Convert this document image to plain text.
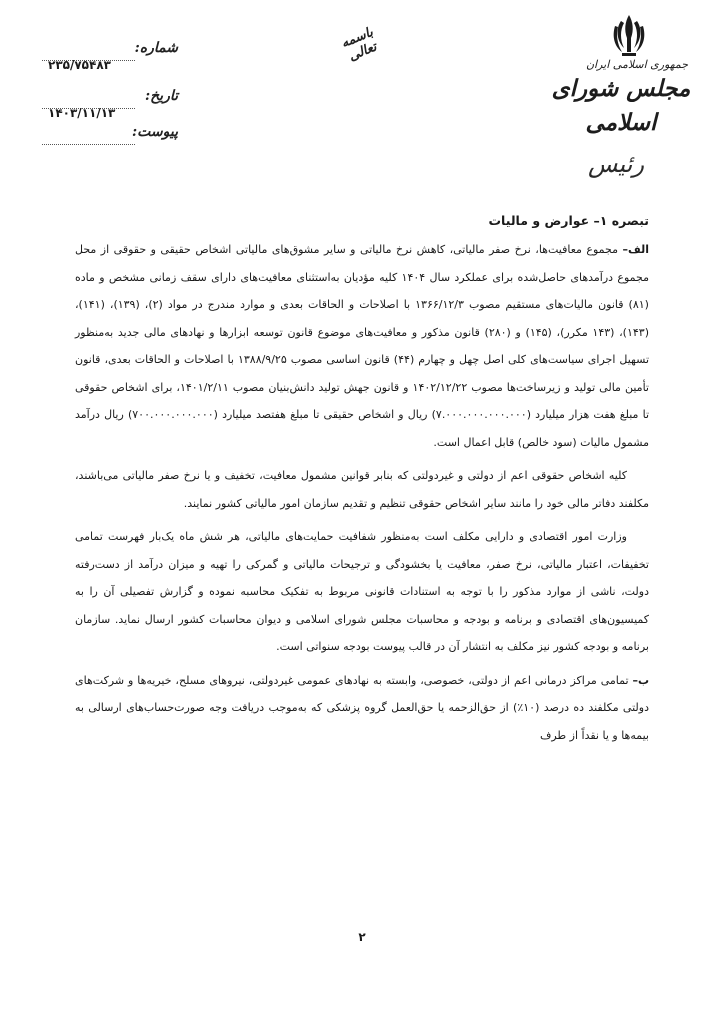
جمهوری اسلامی ایران
مجلس شورای اسلامی
رئیس
باسمه تعالی
شماره:
۲۳۵/۷۵۴۸۳
تاریخ:
۱۴۰۳/۱۱/۱۳
پیوست:
تبصره ۱– عوارض و مالیات

الف– مجموع معافیت‌ها، نرخ صفر مالیاتی، کاهش نرخ مالیاتی و سایر مشوق‌های مالیاتی اشخاص حقیقی و حقوقی از محل مجموع درآمدهای حاصل‌شده برای عملکرد سال ۱۴۰۴ کلیه مؤدیان به‌استثنای معافیت‌های دارای سقف زمانی مشخص و ماده (۸۱) قانون مالیات‌های مستقیم مصوب ۱۳۶۶/۱۲/۳ با اصلاحات و الحاقات بعدی و موارد مندرج در مواد (۲)، (۱۳۹)، (۱۴۱)، (۱۴۳)، (۱۴۳ مکرر)، (۱۴۵) و (۲۸۰) قانون مذکور و معافیت‌های موضوع قانون توسعه ابزارها و نهادهای مالی جدید به‌منظور تسهیل اجرای سیاست‌های کلی اصل چهل و چهارم (۴۴) قانون اساسی مصوب ۱۳۸۸/۹/۲۵ با اصلاحات و الحاقات بعدی، قانون تأمین مالی تولید و زیرساخت‌ها مصوب ۱۴۰۲/۱۲/۲۲ و قانون جهش تولید دانش‌بنیان مصوب ۱۴۰۱/۲/۱۱، برای اشخاص حقوقی تا مبلغ هفت هزار میلیارد (۷.۰۰۰.۰۰۰.۰۰۰.۰۰۰) ریال و اشخاص حقیقی تا مبلغ هفتصد میلیارد (۷۰۰.۰۰۰.۰۰۰.۰۰۰) ریال درآمد مشمول مالیات (سود خالص) قابل اعمال است.

کلیه اشخاص حقوقی اعم از دولتی و غیردولتی که بنابر قوانین مشمول معافیت، تخفیف و یا نرخ صفر مالیاتی می‌باشند، مکلفند دفاتر مالی خود را مانند سایر اشخاص حقوقی تنظیم و تقدیم سازمان امور مالیاتی کشور نمایند.

وزارت امور اقتصادی و دارایی مکلف است به‌منظور شفافیت حمایت‌های مالیاتی، هر شش ماه یک‌بار فهرست تمامی تخفیفات، اعتبار مالیاتی، نرخ صفر، معافیت یا بخشودگی و ترجیحات مالیاتی و گمرکی را تهیه و میزان درآمد از دست‌رفته دولت، ناشی از موارد مذکور را با توجه به استنادات قانونی مربوط به تفکیک محاسبه نموده و گزارش تفصیلی آن را به کمیسیون‌های اقتصادی و برنامه و بودجه و محاسبات مجلس شورای اسلامی و دیوان محاسبات کشور ارسال نماید. سازمان برنامه و بودجه کشور نیز مکلف به انتشار آن در قالب پیوست بودجه سنواتی است.

ب– تمامی مراکز درمانی اعم از دولتی، خصوصی، وابسته به نهادهای عمومی غیردولتی، نیروهای مسلح، خیریه‌ها و شرکت‌های دولتی مکلفند ده درصد (۱۰٪) از حق‌الزحمه یا حق‌العمل گروه پزشکی که به‌موجب دریافت وجه صورت‌حساب‌های ارسالی به بیمه‌ها و یا نقداً از طرف

۲
